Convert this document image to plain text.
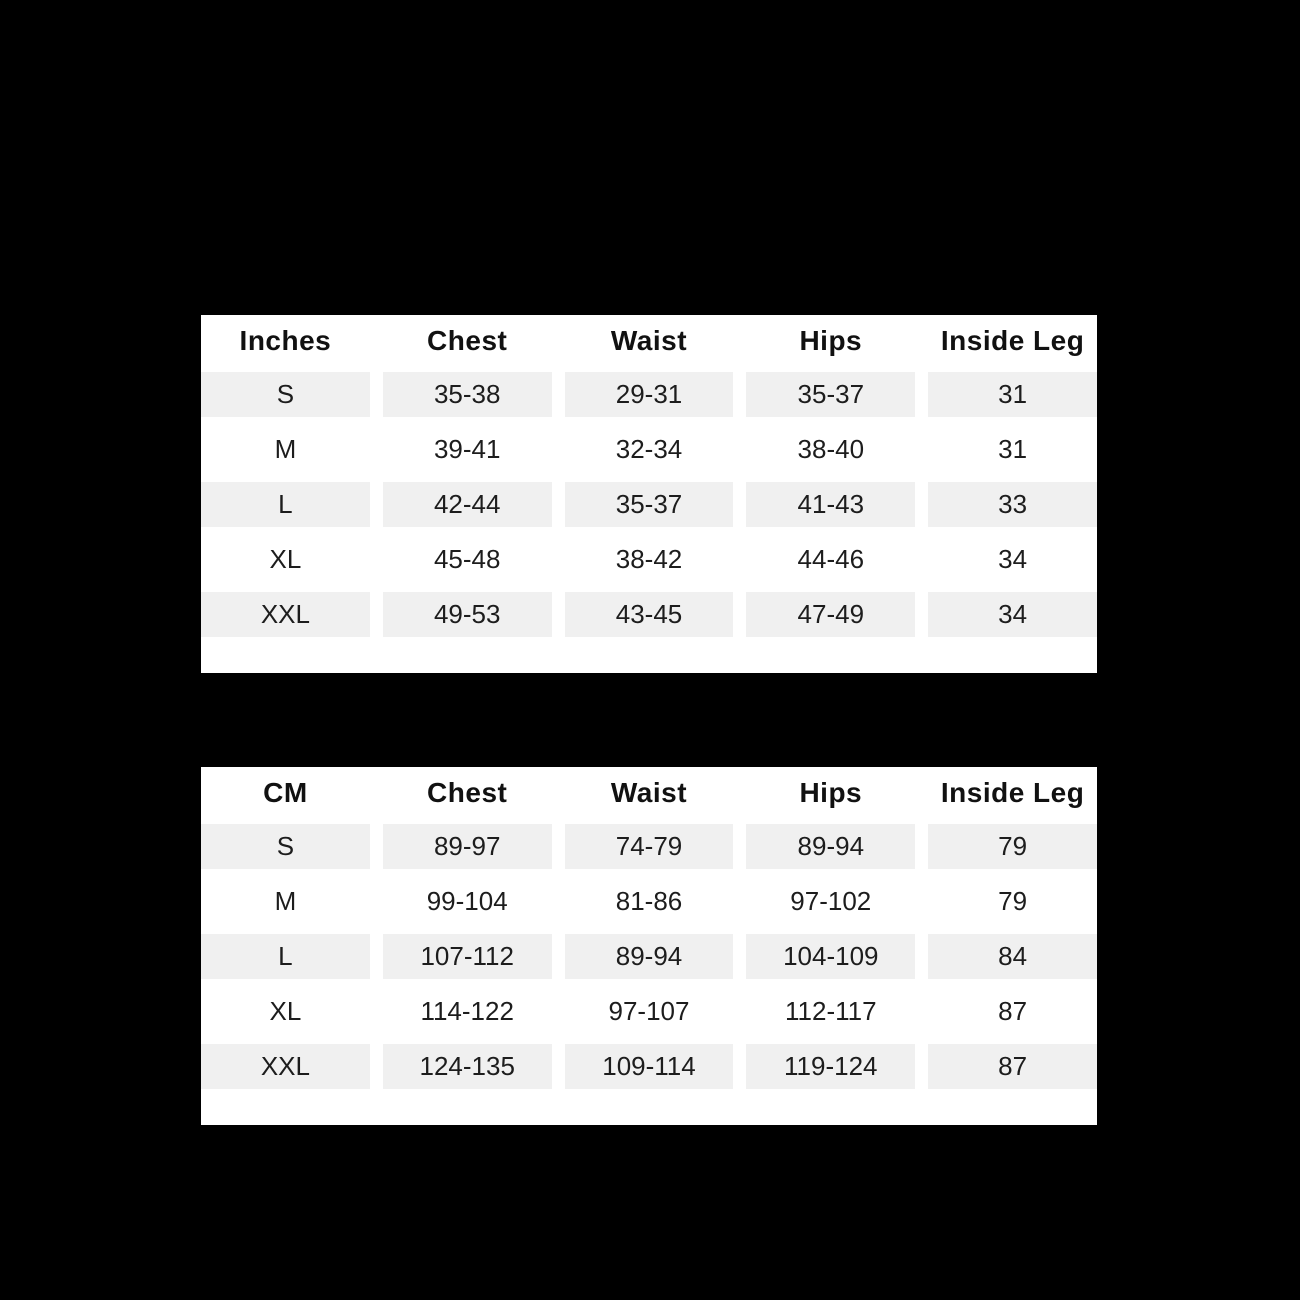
Inches	Chest	Waist	Hips	Inside Leg
S	35-38	29-31	35-37	31
M	39-41	32-34	38-40	31
L	42-44	35-37	41-43	33
XL	45-48	38-42	44-46	34
XXL	49-53	43-45	47-49	34
CM	Chest	Waist	Hips	Inside Leg
S	89-97	74-79	89-94	79
M	99-104	81-86	97-102	79
L	107-112	89-94	104-109	84
XL	114-122	97-107	112-117	87
XXL	124-135	109-114	119-124	87
